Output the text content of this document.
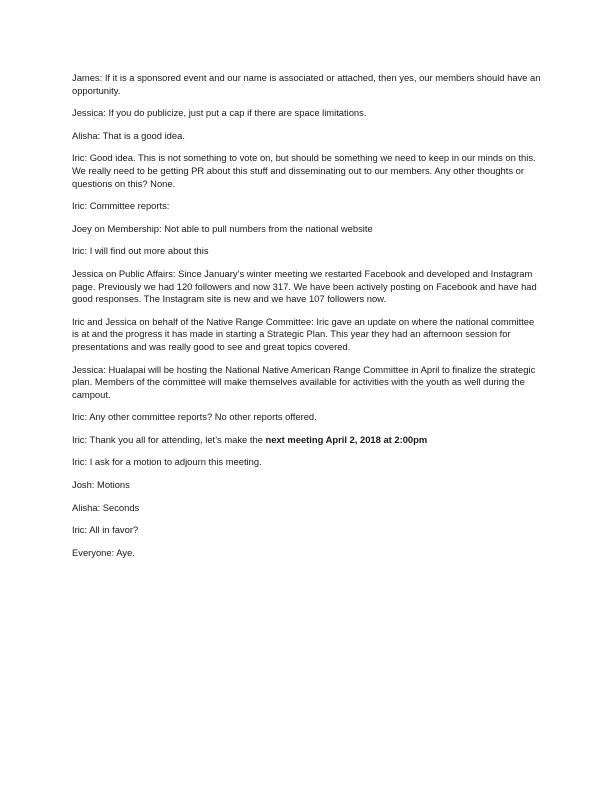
James: If it is a sponsored event and our name is associated or attached, then yes, our members should have an opportunity.

Jessica: If you do publicize, just put a cap if there are space limitations.

Alisha: That is a good idea.

Iric: Good idea. This is not something to vote on, but should be something we need to keep in our minds on this. We really need to be getting PR about this stuff and disseminating out to our members. Any other thoughts or questions on this? None.

Iric: Committee reports:

Joey on Membership: Not able to pull numbers from the national website

Iric: I will find out more about this

Jessica on Public Affairs: Since January’s winter meeting we restarted Facebook and developed and Instagram page. Previously we had 120 followers and now 317. We have been actively posting on Facebook and have had good responses. The Instagram site is new and we have 107 followers now.

Iric and Jessica on behalf of the Native Range Committee: Iric gave an update on where the national committee is at and the progress it has made in starting a Strategic Plan. This year they had an afternoon session for presentations and was really good to see and great topics covered.

Jessica: Hualapai will be hosting the National Native American Range Committee in April to finalize the strategic plan. Members of the committee will make themselves available for activities with the youth as well during the campout.

Iric: Any other committee reports? No other reports offered.

Iric: Thank you all for attending, let’s make the next meeting April 2, 2018 at 2:00pm

Iric: I ask for a motion to adjourn this meeting.

Josh: Motions

Alisha: Seconds

Iric: All in favor?

Everyone: Aye.
